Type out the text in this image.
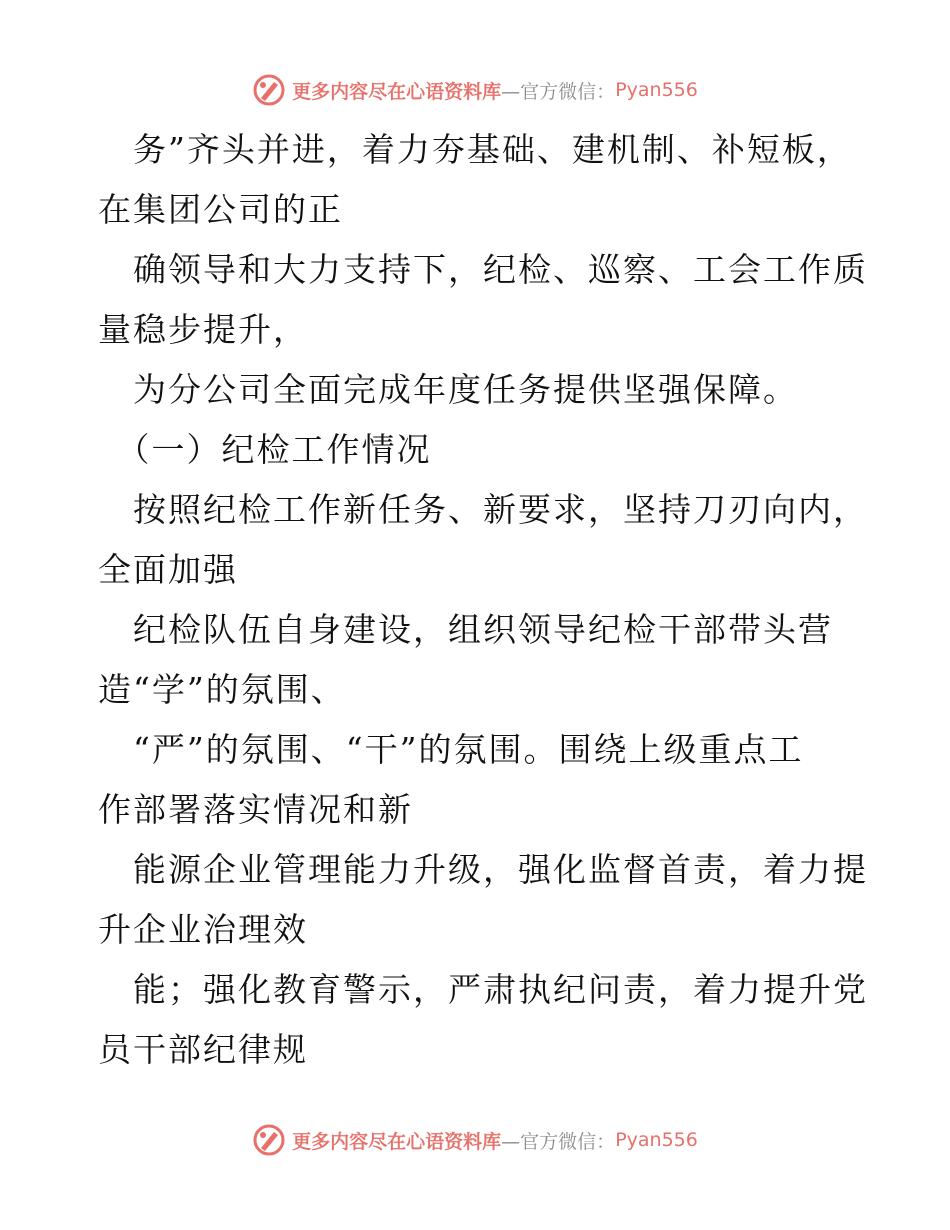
更多内容尽在心语资料库 —官方微信： Pyan556
　务”齐头并进，着力夯基础、建机制、补短板，
在集团公司的正
　确领导和大力支持下，纪检、巡察、工会工作质
量稳步提升，
　为分公司全面完成年度任务提供坚强保障。
　（一）纪检工作情况
　按照纪检工作新任务、新要求，坚持刀刃向内，
全面加强
　纪检队伍自身建设，组织领导纪检干部带头营
造“学”的氛围、
　“严”的氛围、“干”的氛围。围绕上级重点工
作部署落实情况和新
　能源企业管理能力升级，强化监督首责，着力提
升企业治理效
　能；强化教育警示，严肃执纪问责，着力提升党
员干部纪律规
更多内容尽在心语资料库 —官方微信： Pyan556
